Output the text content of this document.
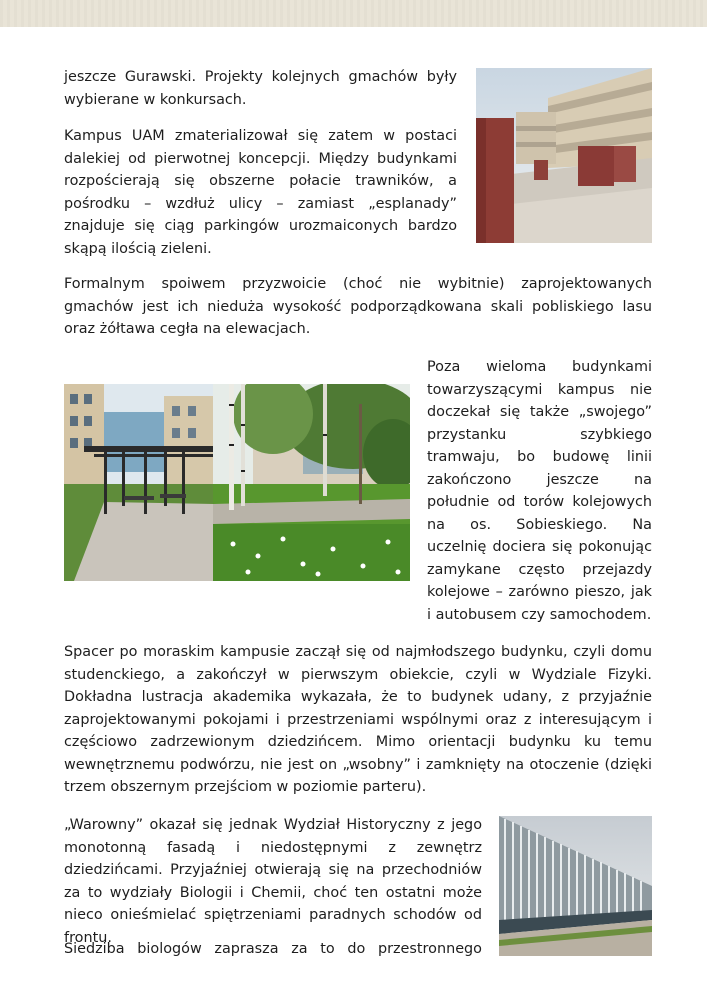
jeszcze Gurawski. Projekty kolejnych gmachów były wybierane w konkursach.

Kampus UAM zmaterializował się zatem w postaci dalekiej od pierwotnej koncepcji. Między budynkami rozpościerają się obszerne połacie trawników, a pośrodku – wzdłuż ulicy – zamiast „esplanady” znajduje się ciąg parkingów urozmaiconych bardzo skąpą ilością zieleni.

Formalnym spoiwem przyzwoicie (choć nie wybitnie) zaprojektowanych gmachów jest ich nieduża wysokość podporządkowana skali pobliskiego lasu oraz żółtawa cegła na elewacjach.

Poza wieloma budynkami towarzyszącymi kampus nie doczekał się także „swojego” przystanku szybkiego tramwaju, bo budowę linii zakończono jeszcze na południe od torów kolejowych na os. Sobieskiego. Na uczelnię dociera się pokonując zamykane często przejazdy kolejowe – zarówno pieszo, jak i autobusem czy samochodem.

Spacer po moraskim kampusie zaczął się od najmłodszego budynku, czyli domu studenckiego, a zakończył w pierwszym obiekcie, czyli w Wydziale Fizyki. Dokładna lustracja akademika wykazała, że to budynek udany, z przyjaźnie zaprojektowanymi pokojami i przestrzeniami wspólnymi oraz z interesującym i częściowo zadrzewionym dziedzińcem. Mimo orientacji budynku ku temu wewnętrznemu podwórzu, nie jest on „wsobny” i zamknięty na otoczenie (dzięki trzem obszernym przejściom w poziomie parteru).

„Warowny” okazał się jednak Wydział Historyczny z jego monotonną fasadą i niedostępnymi z zewnętrz dziedzińcami. Przyjaźniej otwierają się na przechodniów za to wydziały Biologii i Chemii, choć ten ostatni może nieco onieśmielać spiętrzeniami paradnych schodów od frontu.

Siedziba biologów zaprasza za to do przestronnego
